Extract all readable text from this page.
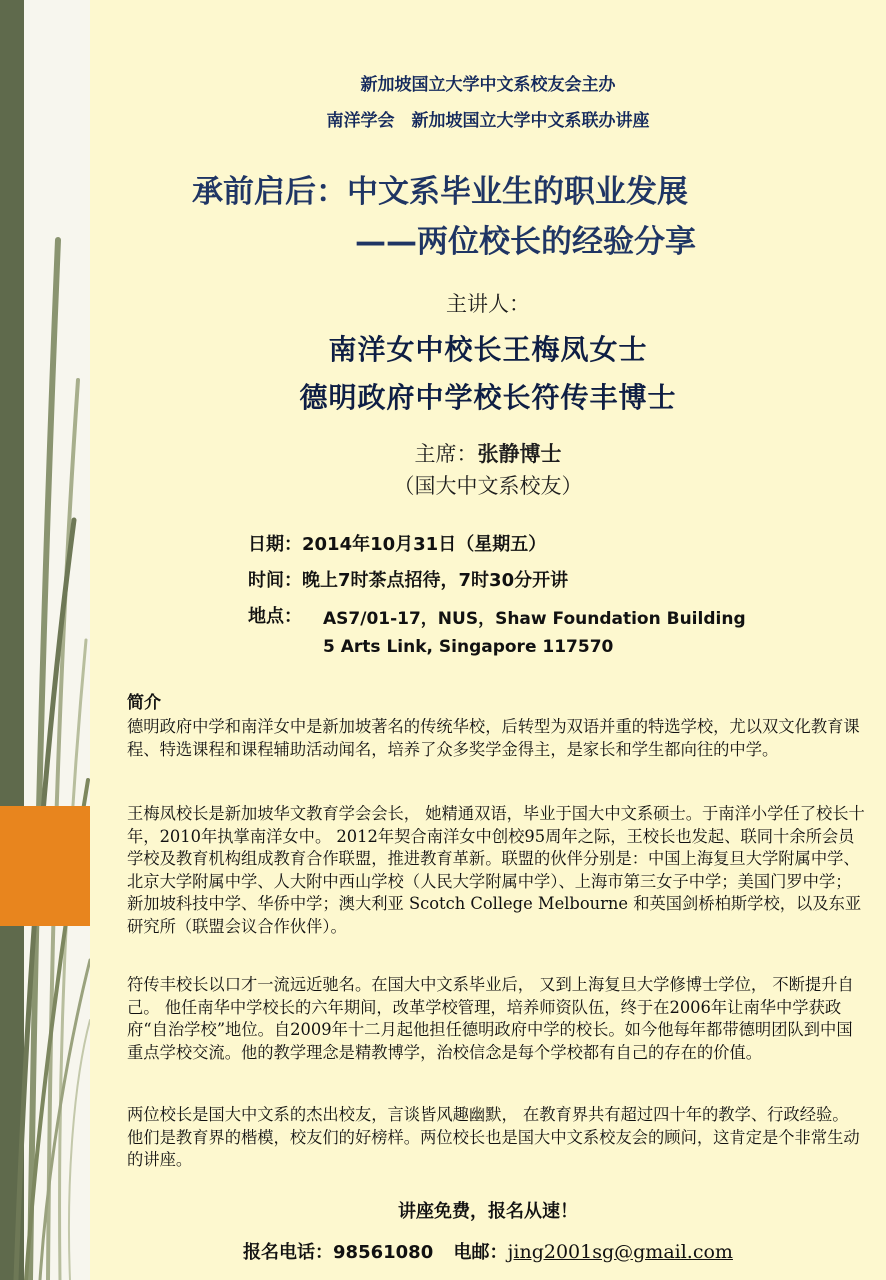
新加坡国立大学中文系校友会主办
南洋学会　新加坡国立大学中文系联办讲座
承前启后：中文系毕业生的职业发展
——两位校长的经验分享
主讲人：
南洋女中校长王梅凤女士
德明政府中学校长符传丰博士
主席：张静博士
（国大中文系校友）
日期：2014年10月31日（星期五）
时间：晚上7时茶点招待，7时30分开讲
地点： AS7/01-17，NUS，Shaw Foundation Building
5 Arts Link, Singapore 117570
简介

德明政府中学和南洋女中是新加坡著名的传统华校，后转型为双语并重的特选学校，尤以双文化教育课程、特选课程和课程辅助活动闻名，培养了众多奖学金得主，是家长和学生都向往的中学。

王梅凤校长是新加坡华文教育学会会长， 她精通双语，毕业于国大中文系硕士。于南洋小学任了校长十年，2010年执掌南洋女中。 2012年契合南洋女中创校95周年之际，王校长也发起、联同十余所会员学校及教育机构组成教育合作联盟，推进教育革新。联盟的伙伴分别是：中国上海复旦大学附属中学、北京大学附属中学、人大附中西山学校（人民大学附属中学）、上海市第三女子中学；美国门罗中学；新加坡科技中学、华侨中学；澳大利亚 Scotch College Melbourne 和英国剑桥柏斯学校，以及东亚研究所（联盟会议合作伙伴）。

符传丰校长以口才一流远近驰名。在国大中文系毕业后， 又到上海复旦大学修博士学位， 不断提升自己。 他任南华中学校长的六年期间，改革学校管理，培养师资队伍，终于在2006年让南华中学获政府“自治学校”地位。自2009年十二月起他担任德明政府中学的校长。如今他每年都带德明团队到中国重点学校交流。他的教学理念是精教博学，治校信念是每个学校都有自己的存在的价值。

两位校长是国大中文系的杰出校友，言谈皆风趣幽默， 在教育界共有超过四十年的教学、行政经验。 他们是教育界的楷模，校友们的好榜样。两位校长也是国大中文系校友会的顾问，这肯定是个非常生动的讲座。

讲座免费，报名从速！
报名电话：98561080 电邮：jing2001sg@gmail.com
